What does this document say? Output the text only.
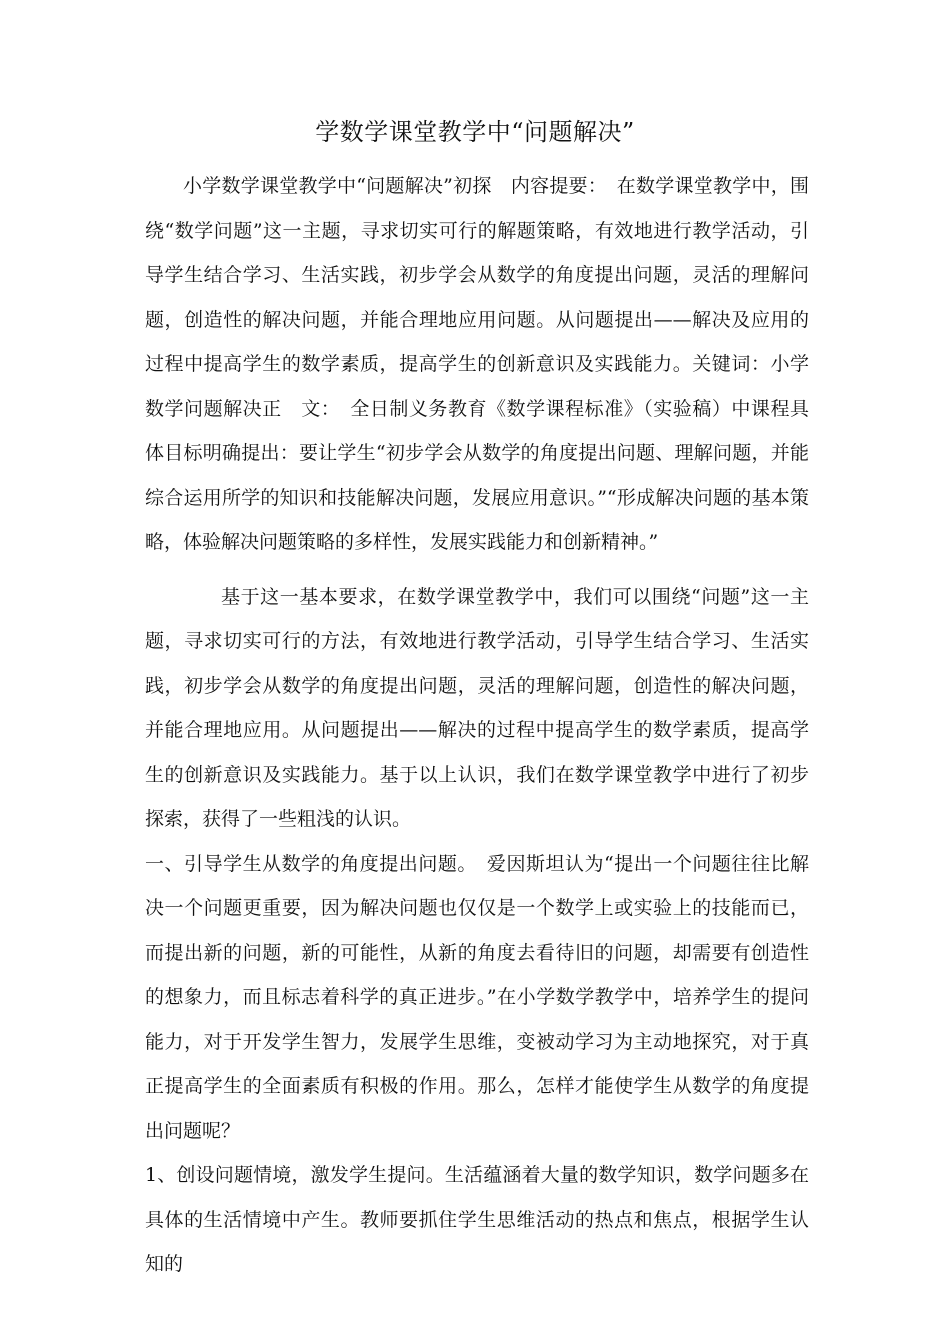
学数学课堂教学中“问题解决”

小学数学课堂教学中“问题解决”初探　内容提要：　在数学课堂教学中，围绕“数学问题”这一主题，寻求切实可行的解题策略，有效地进行教学活动，引导学生结合学习、生活实践，初步学会从数学的角度提出问题，灵活的理解问题，创造性的解决问题，并能合理地应用问题。从问题提出——解决及应用的过程中提高学生的数学素质，提高学生的创新意识及实践能力。关键词：小学数学问题解决正　文：　全日制义务教育《数学课程标准》（实验稿）中课程具体目标明确提出：要让学生“初步学会从数学的角度提出问题、理解问题，并能综合运用所学的知识和技能解决问题，发展应用意识。”“形成解决问题的基本策略，体验解决问题策略的多样性，发展实践能力和创新精神。”

基于这一基本要求，在数学课堂教学中，我们可以围绕“问题”这一主题，寻求切实可行的方法，有效地进行教学活动，引导学生结合学习、生活实践，初步学会从数学的角度提出问题，灵活的理解问题，创造性的解决问题，并能合理地应用。从问题提出——解决的过程中提高学生的数学素质，提高学生的创新意识及实践能力。基于以上认识，我们在数学课堂教学中进行了初步探索，获得了一些粗浅的认识。

一、引导学生从数学的角度提出问题。　爱因斯坦认为“提出一个问题往往比解决一个问题更重要，因为解决问题也仅仅是一个数学上或实验上的技能而已，而提出新的问题，新的可能性，从新的角度去看待旧的问题，却需要有创造性的想象力，而且标志着科学的真正进步。”在小学数学教学中，培养学生的提问能力，对于开发学生智力，发展学生思维，变被动学习为主动地探究，对于真正提高学生的全面素质有积极的作用。那么，怎样才能使学生从数学的角度提出问题呢？

1、创设问题情境，激发学生提问。生活蕴涵着大量的数学知识，数学问题多在具体的生活情境中产生。教师要抓住学生思维活动的热点和焦点，根据学生认知的
